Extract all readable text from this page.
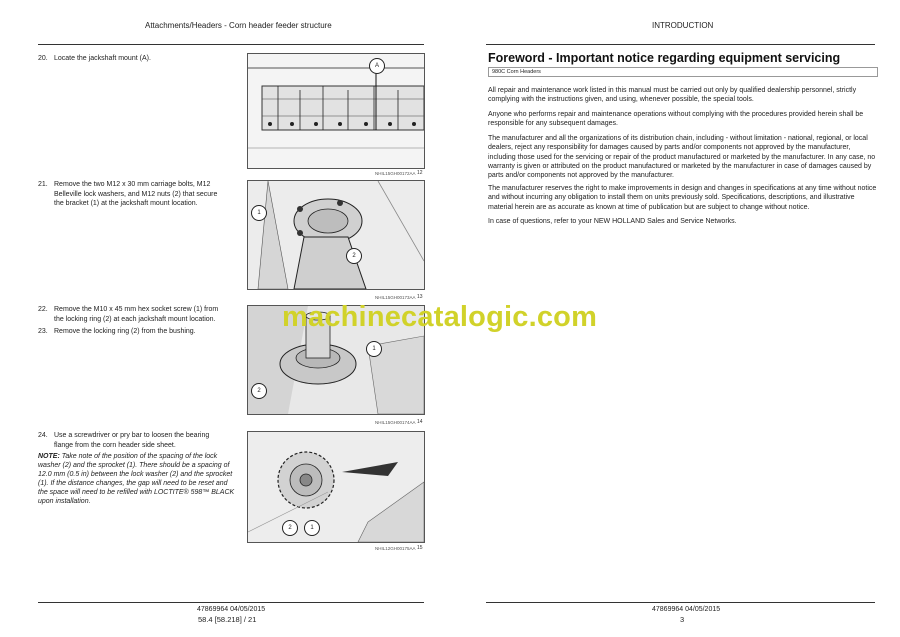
Attachments/Headers - Corn header feeder structure
20. Locate the jackshaft mount (A).
21. Remove the two M12 x 30 mm carriage bolts, M12 Belleville lock washers, and M12 nuts (2) that secure the bracket (1) at the jackshaft mount location.
22. Remove the M10 x 45 mm hex socket screw (1) from the locking ring (2) at each jackshaft mount location.
23. Remove the locking ring (2) from the bushing.
24. Use a screwdriver or pry bar to loosen the bearing flange from the corn header side sheet.
NOTE: Take note of the position of the spacing of the lock washer (2) and the sprocket (1). There should be a spacing of 12.0 mm (0.5 in) between the lock washer (2) and the sprocket (1). If the distance changes, the gap will need to be reset and the space will need to be refilled with LOCTITE® 598™ BLACK upon installation.
A
NHIL15GH00172AA 12
1
2
NHIL15GH00173AA 13
1
2
NHIL15GH00174AA 14
2	1
NHIL12GH00175AA 15
47869964 04/05/2015
58.4 [58.218] / 21
INTRODUCTION
Foreword - Important notice regarding equipment servicing
980C Corn Headers
All repair and maintenance work listed in this manual must be carried out only by qualified dealership personnel, strictly complying with the instructions given, and using, whenever possible, the special tools.
Anyone who performs repair and maintenance operations without complying with the procedures provided herein shall be responsible for any subsequent damages.
The manufacturer and all the organizations of its distribution chain, including - without limitation - national, regional, or local dealers, reject any responsibility for damages caused by parts and/or components not approved by the manufacturer, including those used for the servicing or repair of the product manufactured or marketed by the manufacturer. In any case, no warranty is given or attributed on the product manufactured or marketed by the manufacturer in case of damages caused by parts and/or components not approved by the manufacturer.
The manufacturer reserves the right to make improvements in design and changes in specifications at any time without notice and without incurring any obligation to install them on units previously sold. Specifications, descriptions, and illustrative material herein are as accurate as known at time of publication but are subject to change without notice.
In case of questions, refer to your NEW HOLLAND Sales and Service Networks.
47869964 04/05/2015
3
machinecatalogic.com
